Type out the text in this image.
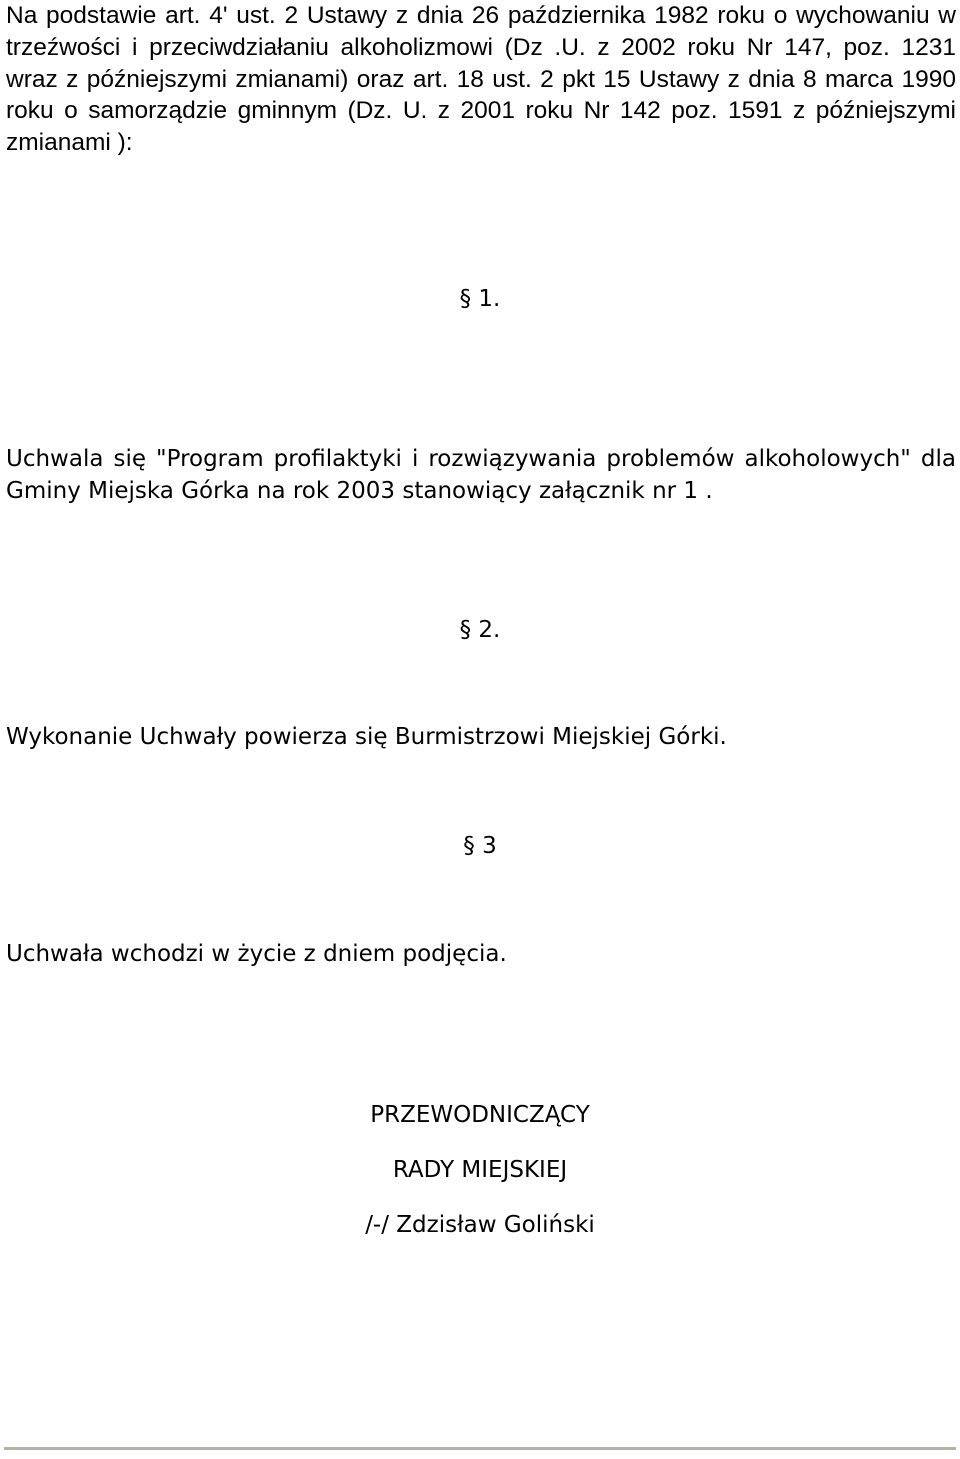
Na podstawie art. 4' ust. 2 Ustawy z dnia 26 października 1982 roku o wychowaniu w trzeźwości i przeciwdziałaniu alkoholizmowi (Dz .U. z 2002 roku Nr 147, poz. 1231 wraz z późniejszymi zmianami) oraz art. 18 ust. 2 pkt 15 Ustawy z dnia 8 marca 1990 roku o samorządzie gminnym (Dz. U. z 2001 roku Nr 142 poz. 1591 z późniejszymi zmianami ):

§ 1.

Uchwala się "Program profilaktyki i rozwiązywania problemów alkoholowych" dla Gminy Miejska Górka na rok 2003 stanowiący załącznik nr 1 .

§ 2.

Wykonanie Uchwały powierza się Burmistrzowi Miejskiej Górki.

§ 3

Uchwała wchodzi w życie z dniem podjęcia.

PRZEWODNICZĄCY

RADY MIEJSKIEJ

/-/ Zdzisław Goliński
